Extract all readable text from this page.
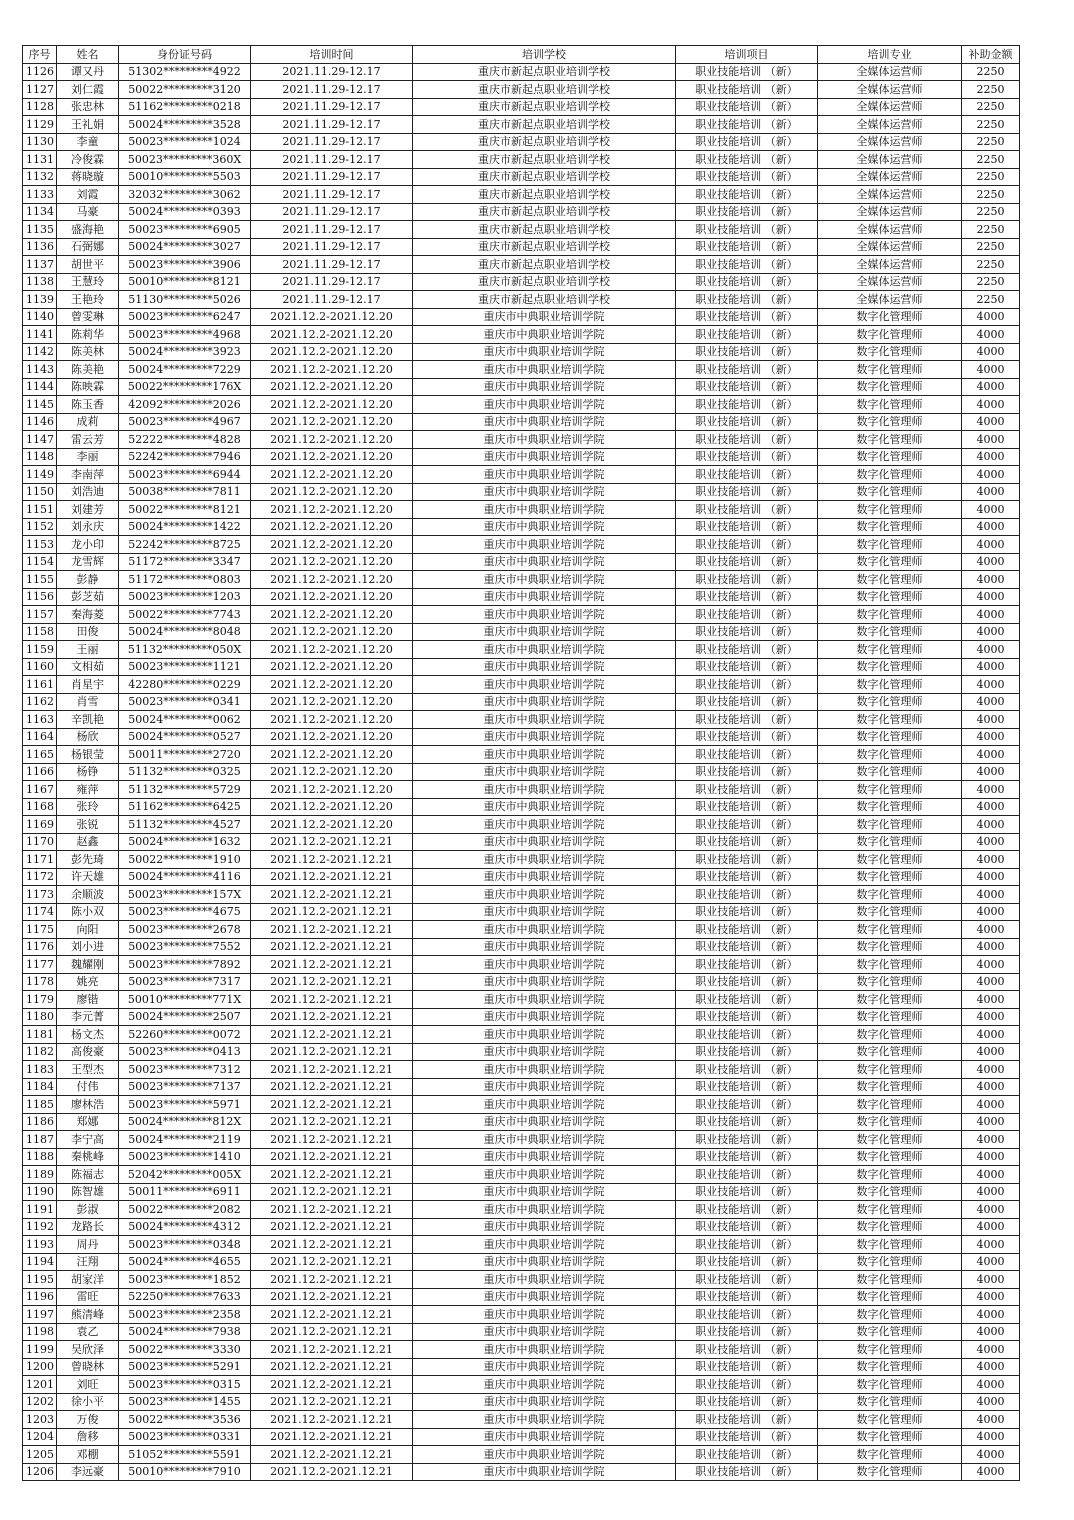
序号	姓名	身份证号码	培训时间	培训学校	培训项目	培训专业	补助金额
1126	谭又丹	51302*********4922	2021.11.29-12.17	重庆市新起点职业培训学校	职业技能培训 （新）	全媒体运营师	2250
1127	刘仁霞	50022*********3120	2021.11.29-12.17	重庆市新起点职业培训学校	职业技能培训 （新）	全媒体运营师	2250
1128	张忠林	51162*********0218	2021.11.29-12.17	重庆市新起点职业培训学校	职业技能培训 （新）	全媒体运营师	2250
1129	王礼娟	50024*********3528	2021.11.29-12.17	重庆市新起点职业培训学校	职业技能培训 （新）	全媒体运营师	2250
1130	李童	50023*********1024	2021.11.29-12.17	重庆市新起点职业培训学校	职业技能培训 （新）	全媒体运营师	2250
1131	冷俊霖	50023*********360X	2021.11.29-12.17	重庆市新起点职业培训学校	职业技能培训 （新）	全媒体运营师	2250
1132	蒋晓璇	50010*********5503	2021.11.29-12.17	重庆市新起点职业培训学校	职业技能培训 （新）	全媒体运营师	2250
1133	刘霞	32032*********3062	2021.11.29-12.17	重庆市新起点职业培训学校	职业技能培训 （新）	全媒体运营师	2250
1134	马豪	50024*********0393	2021.11.29-12.17	重庆市新起点职业培训学校	职业技能培训 （新）	全媒体运营师	2250
1135	盛海艳	50023*********6905	2021.11.29-12.17	重庆市新起点职业培训学校	职业技能培训 （新）	全媒体运营师	2250
1136	石弼娜	50024*********3027	2021.11.29-12.17	重庆市新起点职业培训学校	职业技能培训 （新）	全媒体运营师	2250
1137	胡世平	50023*********3906	2021.11.29-12.17	重庆市新起点职业培训学校	职业技能培训 （新）	全媒体运营师	2250
1138	王慧玲	50010*********8121	2021.11.29-12.17	重庆市新起点职业培训学校	职业技能培训 （新）	全媒体运营师	2250
1139	王艳玲	51130*********5026	2021.11.29-12.17	重庆市新起点职业培训学校	职业技能培训 （新）	全媒体运营师	2250
1140	曾雯琳	50023*********6247	2021.12.2-2021.12.20	重庆市中典职业培训学院	职业技能培训 （新）	数字化管理师	4000
1141	陈莉华	50023*********4968	2021.12.2-2021.12.20	重庆市中典职业培训学院	职业技能培训 （新）	数字化管理师	4000
1142	陈美林	50024*********3923	2021.12.2-2021.12.20	重庆市中典职业培训学院	职业技能培训 （新）	数字化管理师	4000
1143	陈美艳	50024*********7229	2021.12.2-2021.12.20	重庆市中典职业培训学院	职业技能培训 （新）	数字化管理师	4000
1144	陈映霖	50022*********176X	2021.12.2-2021.12.20	重庆市中典职业培训学院	职业技能培训 （新）	数字化管理师	4000
1145	陈玉香	42092*********2026	2021.12.2-2021.12.20	重庆市中典职业培训学院	职业技能培训 （新）	数字化管理师	4000
1146	成莉	50023*********4967	2021.12.2-2021.12.20	重庆市中典职业培训学院	职业技能培训 （新）	数字化管理师	4000
1147	雷云芳	52222*********4828	2021.12.2-2021.12.20	重庆市中典职业培训学院	职业技能培训 （新）	数字化管理师	4000
1148	李丽	52242*********7946	2021.12.2-2021.12.20	重庆市中典职业培训学院	职业技能培训 （新）	数字化管理师	4000
1149	李南萍	50023*********6944	2021.12.2-2021.12.20	重庆市中典职业培训学院	职业技能培训 （新）	数字化管理师	4000
1150	刘浩迪	50038*********7811	2021.12.2-2021.12.20	重庆市中典职业培训学院	职业技能培训 （新）	数字化管理师	4000
1151	刘建芳	50022*********8121	2021.12.2-2021.12.20	重庆市中典职业培训学院	职业技能培训 （新）	数字化管理师	4000
1152	刘永庆	50024*********1422	2021.12.2-2021.12.20	重庆市中典职业培训学院	职业技能培训 （新）	数字化管理师	4000
1153	龙小印	52242*********8725	2021.12.2-2021.12.20	重庆市中典职业培训学院	职业技能培训 （新）	数字化管理师	4000
1154	龙雪辉	51172*********3347	2021.12.2-2021.12.20	重庆市中典职业培训学院	职业技能培训 （新）	数字化管理师	4000
1155	彭静	51172*********0803	2021.12.2-2021.12.20	重庆市中典职业培训学院	职业技能培训 （新）	数字化管理师	4000
1156	彭芝茹	50023*********1203	2021.12.2-2021.12.20	重庆市中典职业培训学院	职业技能培训 （新）	数字化管理师	4000
1157	秦海菱	50022*********7743	2021.12.2-2021.12.20	重庆市中典职业培训学院	职业技能培训 （新）	数字化管理师	4000
1158	田俊	50024*********8048	2021.12.2-2021.12.20	重庆市中典职业培训学院	职业技能培训 （新）	数字化管理师	4000
1159	王丽	51132*********050X	2021.12.2-2021.12.20	重庆市中典职业培训学院	职业技能培训 （新）	数字化管理师	4000
1160	文相茹	50023*********1121	2021.12.2-2021.12.20	重庆市中典职业培训学院	职业技能培训 （新）	数字化管理师	4000
1161	肖星宇	42280*********0229	2021.12.2-2021.12.20	重庆市中典职业培训学院	职业技能培训 （新）	数字化管理师	4000
1162	肖雪	50023*********0341	2021.12.2-2021.12.20	重庆市中典职业培训学院	职业技能培训 （新）	数字化管理师	4000
1163	辛凯艳	50024*********0062	2021.12.2-2021.12.20	重庆市中典职业培训学院	职业技能培训 （新）	数字化管理师	4000
1164	杨欣	50024*********0527	2021.12.2-2021.12.20	重庆市中典职业培训学院	职业技能培训 （新）	数字化管理师	4000
1165	杨银莹	50011*********2720	2021.12.2-2021.12.20	重庆市中典职业培训学院	职业技能培训 （新）	数字化管理师	4000
1166	杨铮	51132*********0325	2021.12.2-2021.12.20	重庆市中典职业培训学院	职业技能培训 （新）	数字化管理师	4000
1167	雍萍	51132*********5729	2021.12.2-2021.12.20	重庆市中典职业培训学院	职业技能培训 （新）	数字化管理师	4000
1168	张玲	51162*********6425	2021.12.2-2021.12.20	重庆市中典职业培训学院	职业技能培训 （新）	数字化管理师	4000
1169	张锐	51132*********4527	2021.12.2-2021.12.20	重庆市中典职业培训学院	职业技能培训 （新）	数字化管理师	4000
1170	赵鑫	50024*********1632	2021.12.2-2021.12.21	重庆市中典职业培训学院	职业技能培训 （新）	数字化管理师	4000
1171	彭先琦	50022*********1910	2021.12.2-2021.12.21	重庆市中典职业培训学院	职业技能培训 （新）	数字化管理师	4000
1172	许天雄	50024*********4116	2021.12.2-2021.12.21	重庆市中典职业培训学院	职业技能培训 （新）	数字化管理师	4000
1173	余顺波	50023*********157X	2021.12.2-2021.12.21	重庆市中典职业培训学院	职业技能培训 （新）	数字化管理师	4000
1174	陈小双	50023*********4675	2021.12.2-2021.12.21	重庆市中典职业培训学院	职业技能培训 （新）	数字化管理师	4000
1175	向阳	50023*********2678	2021.12.2-2021.12.21	重庆市中典职业培训学院	职业技能培训 （新）	数字化管理师	4000
1176	刘小进	50023*********7552	2021.12.2-2021.12.21	重庆市中典职业培训学院	职业技能培训 （新）	数字化管理师	4000
1177	魏耀刚	50023*********7892	2021.12.2-2021.12.21	重庆市中典职业培训学院	职业技能培训 （新）	数字化管理师	4000
1178	姚亮	50023*********7317	2021.12.2-2021.12.21	重庆市中典职业培训学院	职业技能培训 （新）	数字化管理师	4000
1179	廖锴	50010*********771X	2021.12.2-2021.12.21	重庆市中典职业培训学院	职业技能培训 （新）	数字化管理师	4000
1180	李元菁	50024*********2507	2021.12.2-2021.12.21	重庆市中典职业培训学院	职业技能培训 （新）	数字化管理师	4000
1181	杨文杰	52260*********0072	2021.12.2-2021.12.21	重庆市中典职业培训学院	职业技能培训 （新）	数字化管理师	4000
1182	高俊豪	50023*********0413	2021.12.2-2021.12.21	重庆市中典职业培训学院	职业技能培训 （新）	数字化管理师	4000
1183	王型杰	50023*********7312	2021.12.2-2021.12.21	重庆市中典职业培训学院	职业技能培训 （新）	数字化管理师	4000
1184	付伟	50023*********7137	2021.12.2-2021.12.21	重庆市中典职业培训学院	职业技能培训 （新）	数字化管理师	4000
1185	廖林浩	50023*********5971	2021.12.2-2021.12.21	重庆市中典职业培训学院	职业技能培训 （新）	数字化管理师	4000
1186	郑娜	50024*********812X	2021.12.2-2021.12.21	重庆市中典职业培训学院	职业技能培训 （新）	数字化管理师	4000
1187	李宁高	50024*********2119	2021.12.2-2021.12.21	重庆市中典职业培训学院	职业技能培训 （新）	数字化管理师	4000
1188	秦桃峰	50023*********1410	2021.12.2-2021.12.21	重庆市中典职业培训学院	职业技能培训 （新）	数字化管理师	4000
1189	陈福志	52042*********005X	2021.12.2-2021.12.21	重庆市中典职业培训学院	职业技能培训 （新）	数字化管理师	4000
1190	陈智雄	50011*********6911	2021.12.2-2021.12.21	重庆市中典职业培训学院	职业技能培训 （新）	数字化管理师	4000
1191	彭淑	50022*********2082	2021.12.2-2021.12.21	重庆市中典职业培训学院	职业技能培训 （新）	数字化管理师	4000
1192	龙路长	50024*********4312	2021.12.2-2021.12.21	重庆市中典职业培训学院	职业技能培训 （新）	数字化管理师	4000
1193	周丹	50023*********0348	2021.12.2-2021.12.21	重庆市中典职业培训学院	职业技能培训 （新）	数字化管理师	4000
1194	汪翔	50024*********4655	2021.12.2-2021.12.21	重庆市中典职业培训学院	职业技能培训 （新）	数字化管理师	4000
1195	胡家洋	50023*********1852	2021.12.2-2021.12.21	重庆市中典职业培训学院	职业技能培训 （新）	数字化管理师	4000
1196	雷旺	52250*********7633	2021.12.2-2021.12.21	重庆市中典职业培训学院	职业技能培训 （新）	数字化管理师	4000
1197	熊清峰	50023*********2358	2021.12.2-2021.12.21	重庆市中典职业培训学院	职业技能培训 （新）	数字化管理师	4000
1198	袁乙	50024*********7938	2021.12.2-2021.12.21	重庆市中典职业培训学院	职业技能培训 （新）	数字化管理师	4000
1199	吴欣泽	50022*********3330	2021.12.2-2021.12.21	重庆市中典职业培训学院	职业技能培训 （新）	数字化管理师	4000
1200	曾晓林	50023*********5291	2021.12.2-2021.12.21	重庆市中典职业培训学院	职业技能培训 （新）	数字化管理师	4000
1201	刘旺	50023*********0315	2021.12.2-2021.12.21	重庆市中典职业培训学院	职业技能培训 （新）	数字化管理师	4000
1202	徐小平	50023*********1455	2021.12.2-2021.12.21	重庆市中典职业培训学院	职业技能培训 （新）	数字化管理师	4000
1203	万俊	50022*********3536	2021.12.2-2021.12.21	重庆市中典职业培训学院	职业技能培训 （新）	数字化管理师	4000
1204	詹移	50023*********0331	2021.12.2-2021.12.21	重庆市中典职业培训学院	职业技能培训 （新）	数字化管理师	4000
1205	邓棚	51052*********5591	2021.12.2-2021.12.21	重庆市中典职业培训学院	职业技能培训 （新）	数字化管理师	4000
1206	李远豪	50010*********7910	2021.12.2-2021.12.21	重庆市中典职业培训学院	职业技能培训 （新）	数字化管理师	4000
